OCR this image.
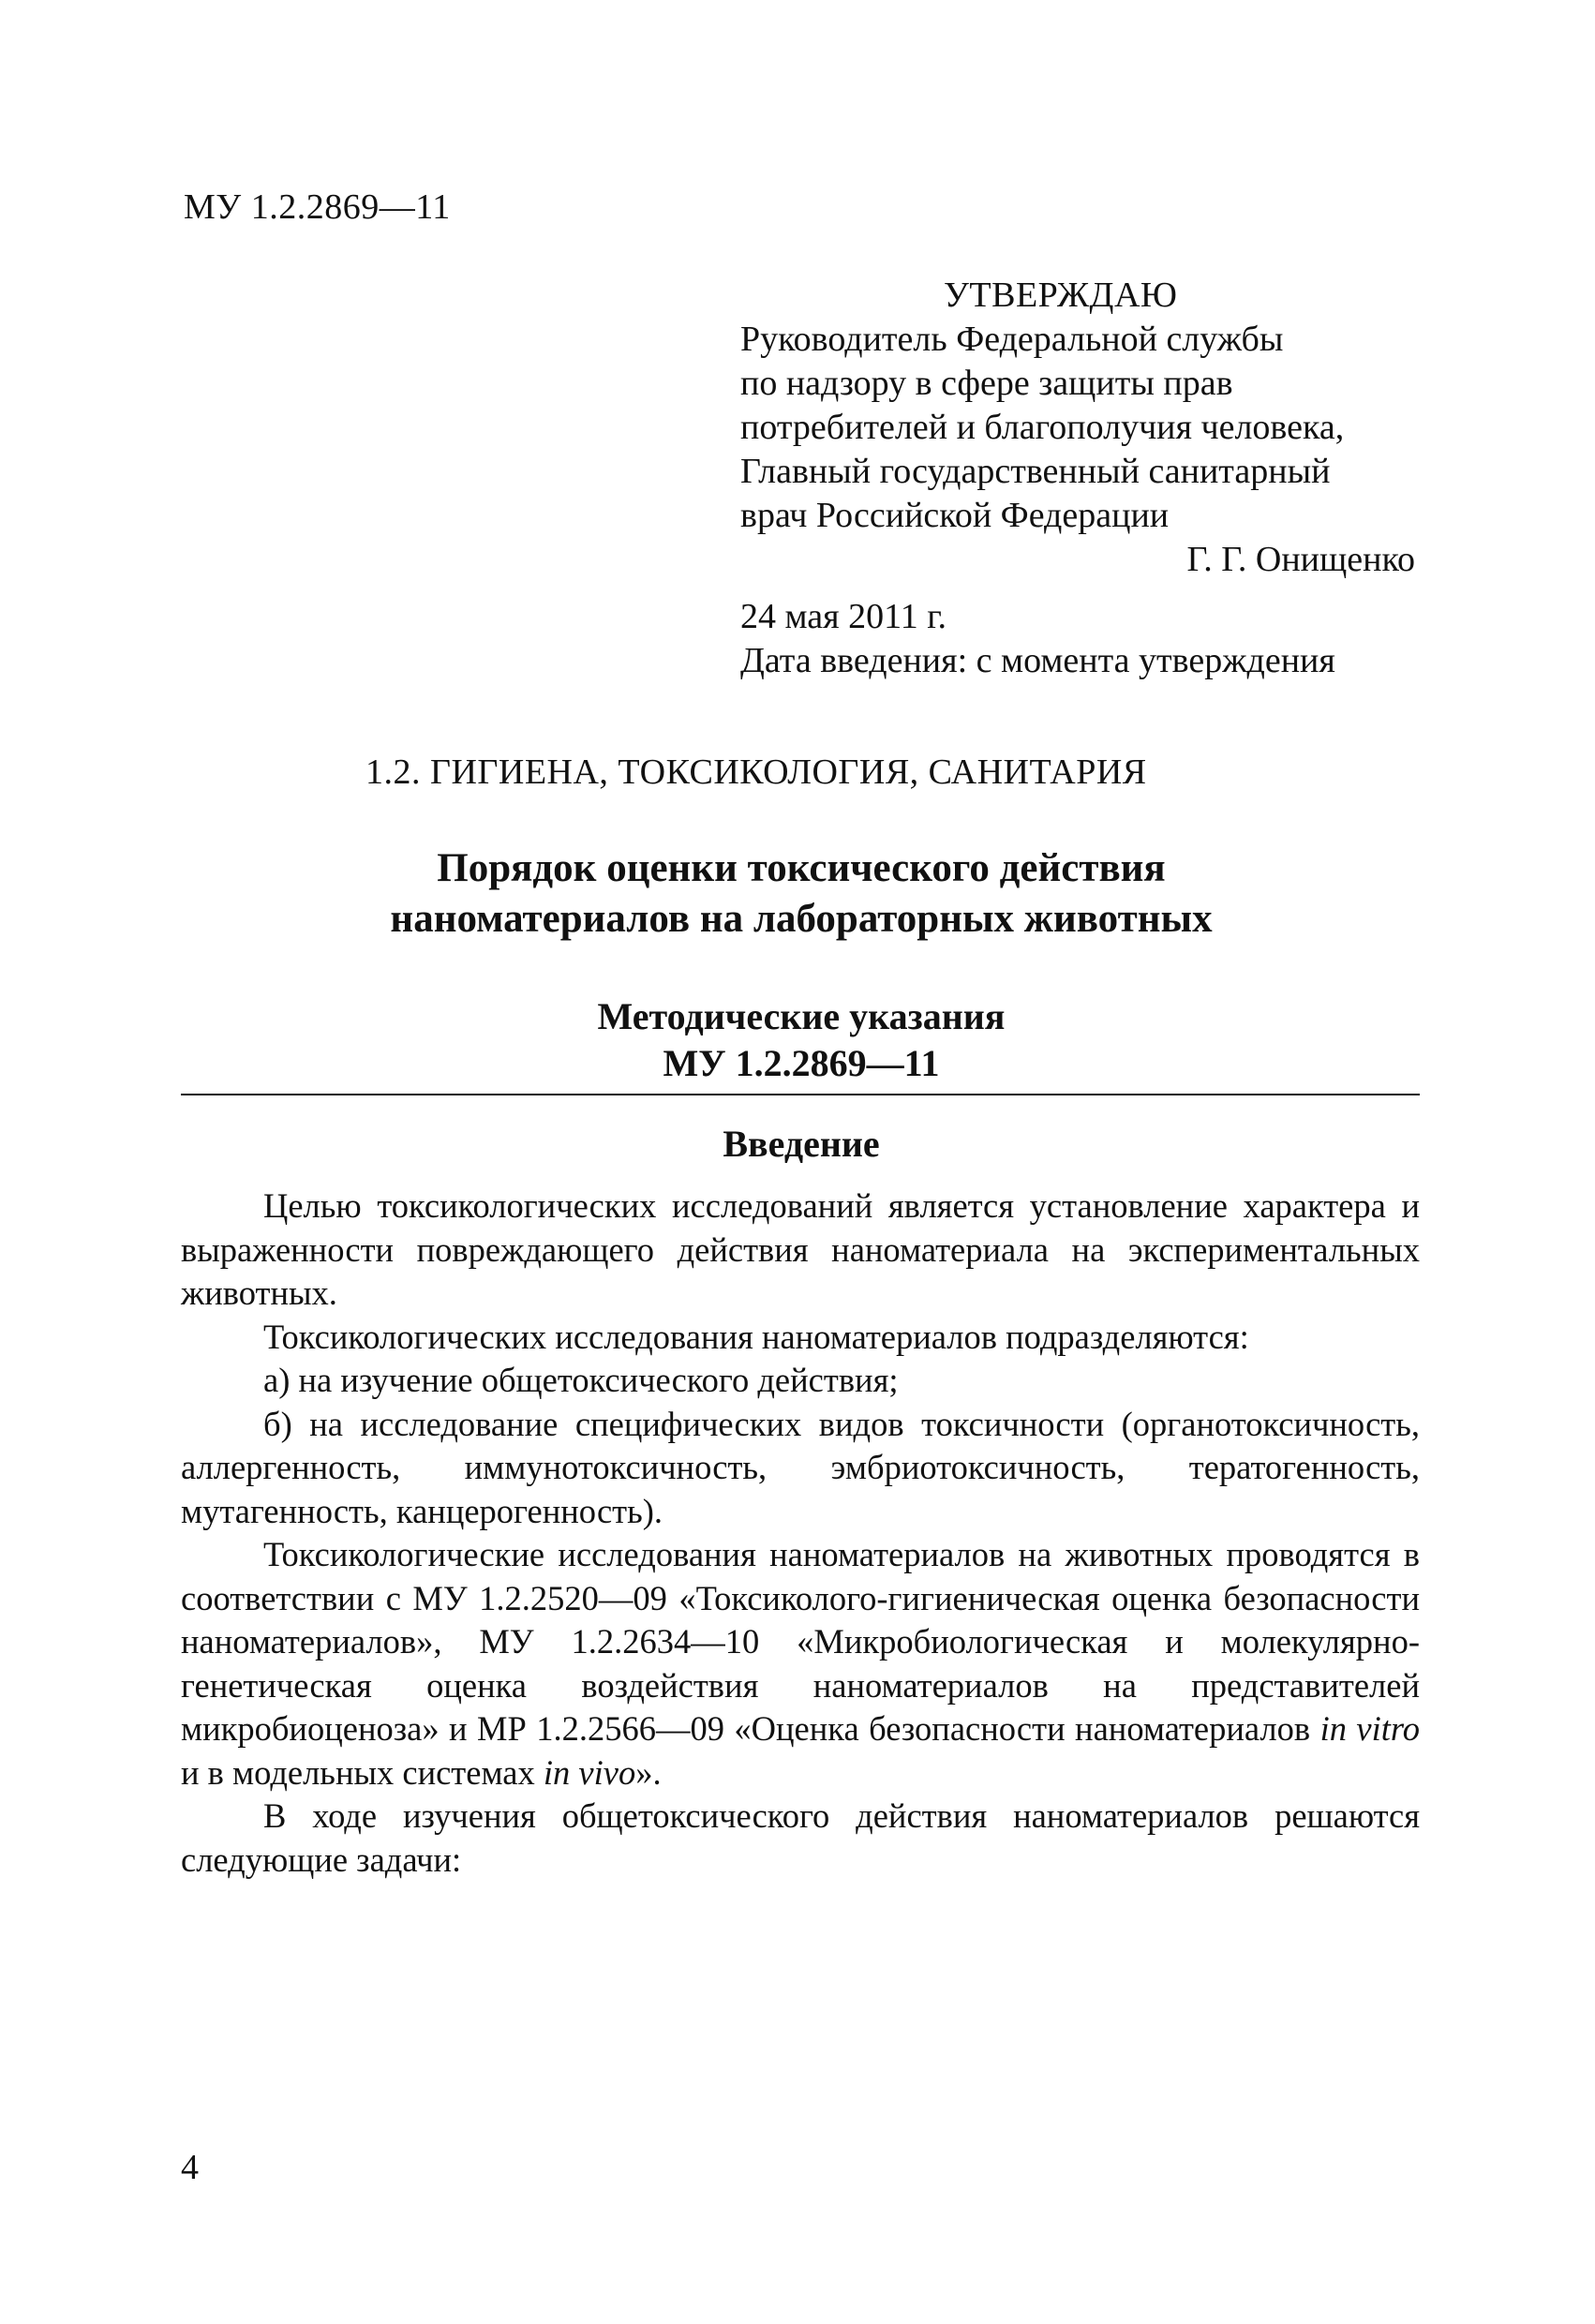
МУ 1.2.2869—11
УТВЕРЖДАЮ
Руководитель Федеральной службы
по надзору в сфере защиты прав
потребителей и благополучия человека,
Главный государственный санитарный
врач Российской Федерации
Г. Г. Онищенко
24 мая 2011 г.
Дата введения: с момента утверждения
1.2. ГИГИЕНА, ТОКСИКОЛОГИЯ, САНИТАРИЯ
Порядок оценки токсического действия
наноматериалов на лабораторных животных
Методические указания
МУ 1.2.2869—11
Введение

Целью токсикологических исследований является установление характера и выраженности повреждающего действия наноматериала на экспериментальных животных.

Токсикологических исследования наноматериалов подразделяются:

а) на изучение общетоксического действия;

б) на исследование специфических видов токсичности (органотоксичность, аллергенность, иммунотоксичность, эмбриотоксичность, тератогенность, мутагенность, канцерогенность).

Токсикологические исследования наноматериалов на животных проводятся в соответствии с МУ 1.2.2520—09 «Токсиколого-гигиеническая оценка безопасности наноматериалов», МУ 1.2.2634—10 «Микробиологическая и молекулярно-генетическая оценка воздействия наноматериалов на представителей микробиоценоза» и МР 1.2.2566—09 «Оценка безопасности наноматериалов in vitro и в модельных системах in vivo».

В ходе изучения общетоксического действия наноматериалов решаются следующие задачи:

4
